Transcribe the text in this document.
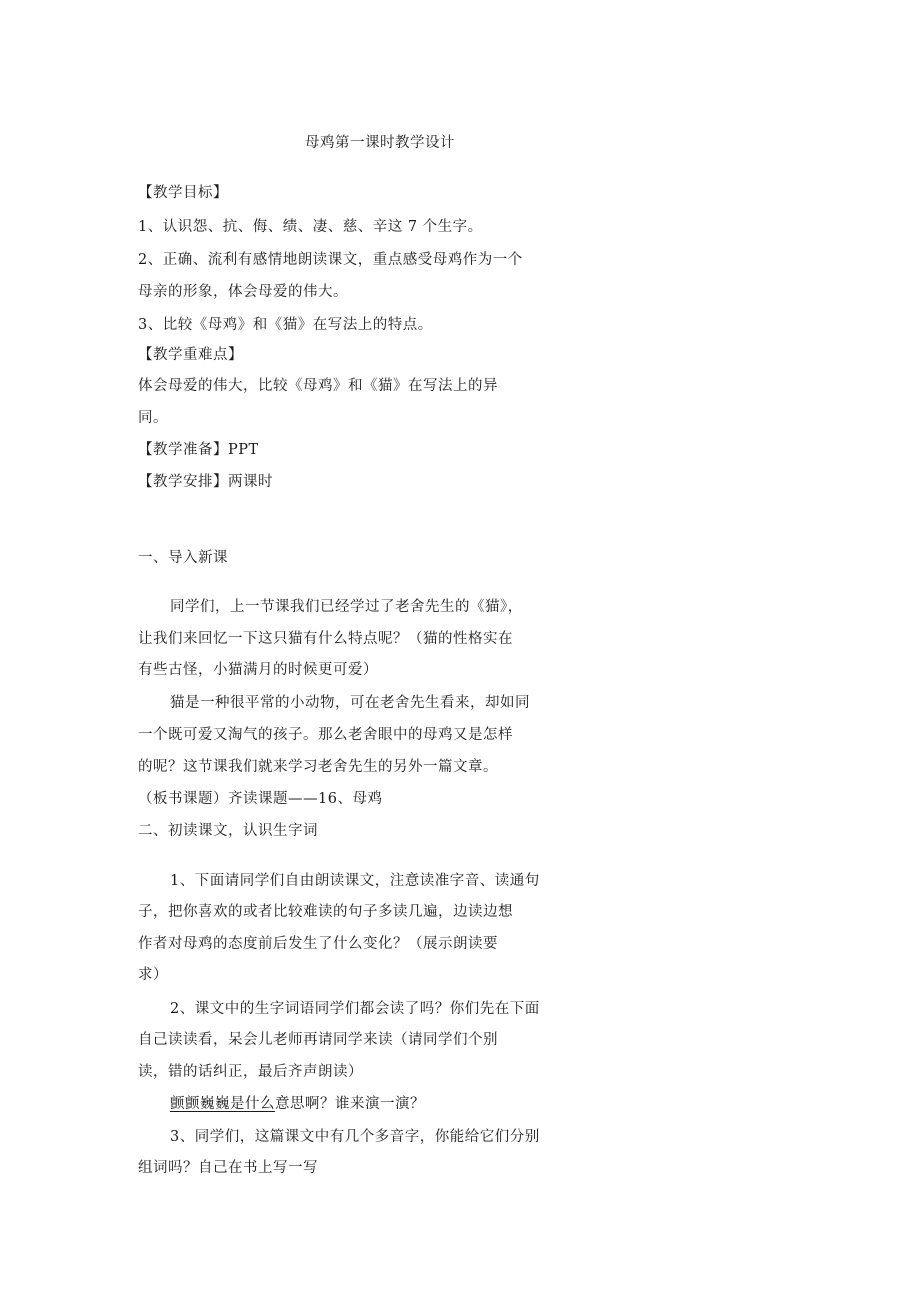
母鸡第一课时教学设计
【教学目标】
1、认识怨、抗、侮、绩、凄、慈、辛这 7 个生字。
2、正确、流利有感情地朗读课文，重点感受母鸡作为一个
母亲的形象，体会母爱的伟大。
3、比较《母鸡》和《猫》在写法上的特点。
【教学重难点】
体会母爱的伟大，比较《母鸡》和《猫》在写法上的异
同。
【教学准备】PPT
【教学安排】两课时
一、导入新课
同学们，上一节课我们已经学过了老舍先生的《猫》，
让我们来回忆一下这只猫有什么特点呢？（猫的性格实在
有些古怪，小猫满月的时候更可爱）
猫是一种很平常的小动物，可在老舍先生看来，却如同
一个既可爱又淘气的孩子。那么老舍眼中的母鸡又是怎样
的呢？这节课我们就来学习老舍先生的另外一篇文章。
（板书课题）齐读课题——16、母鸡
二、初读课文，认识生字词
1、下面请同学们自由朗读课文，注意读准字音、读通句
子，把你喜欢的或者比较难读的句子多读几遍，边读边想
作者对母鸡的态度前后发生了什么变化？（展示朗读要
求）
2、课文中的生字词语同学们都会读了吗？你们先在下面
自己读读看，呆会儿老师再请同学来读（请同学们个别
读，错的话纠正，最后齐声朗读）
颤颤巍巍是什么意思啊？谁来演一演？
3、同学们，这篇课文中有几个多音字，你能给它们分别
组词吗？自己在书上写一写
